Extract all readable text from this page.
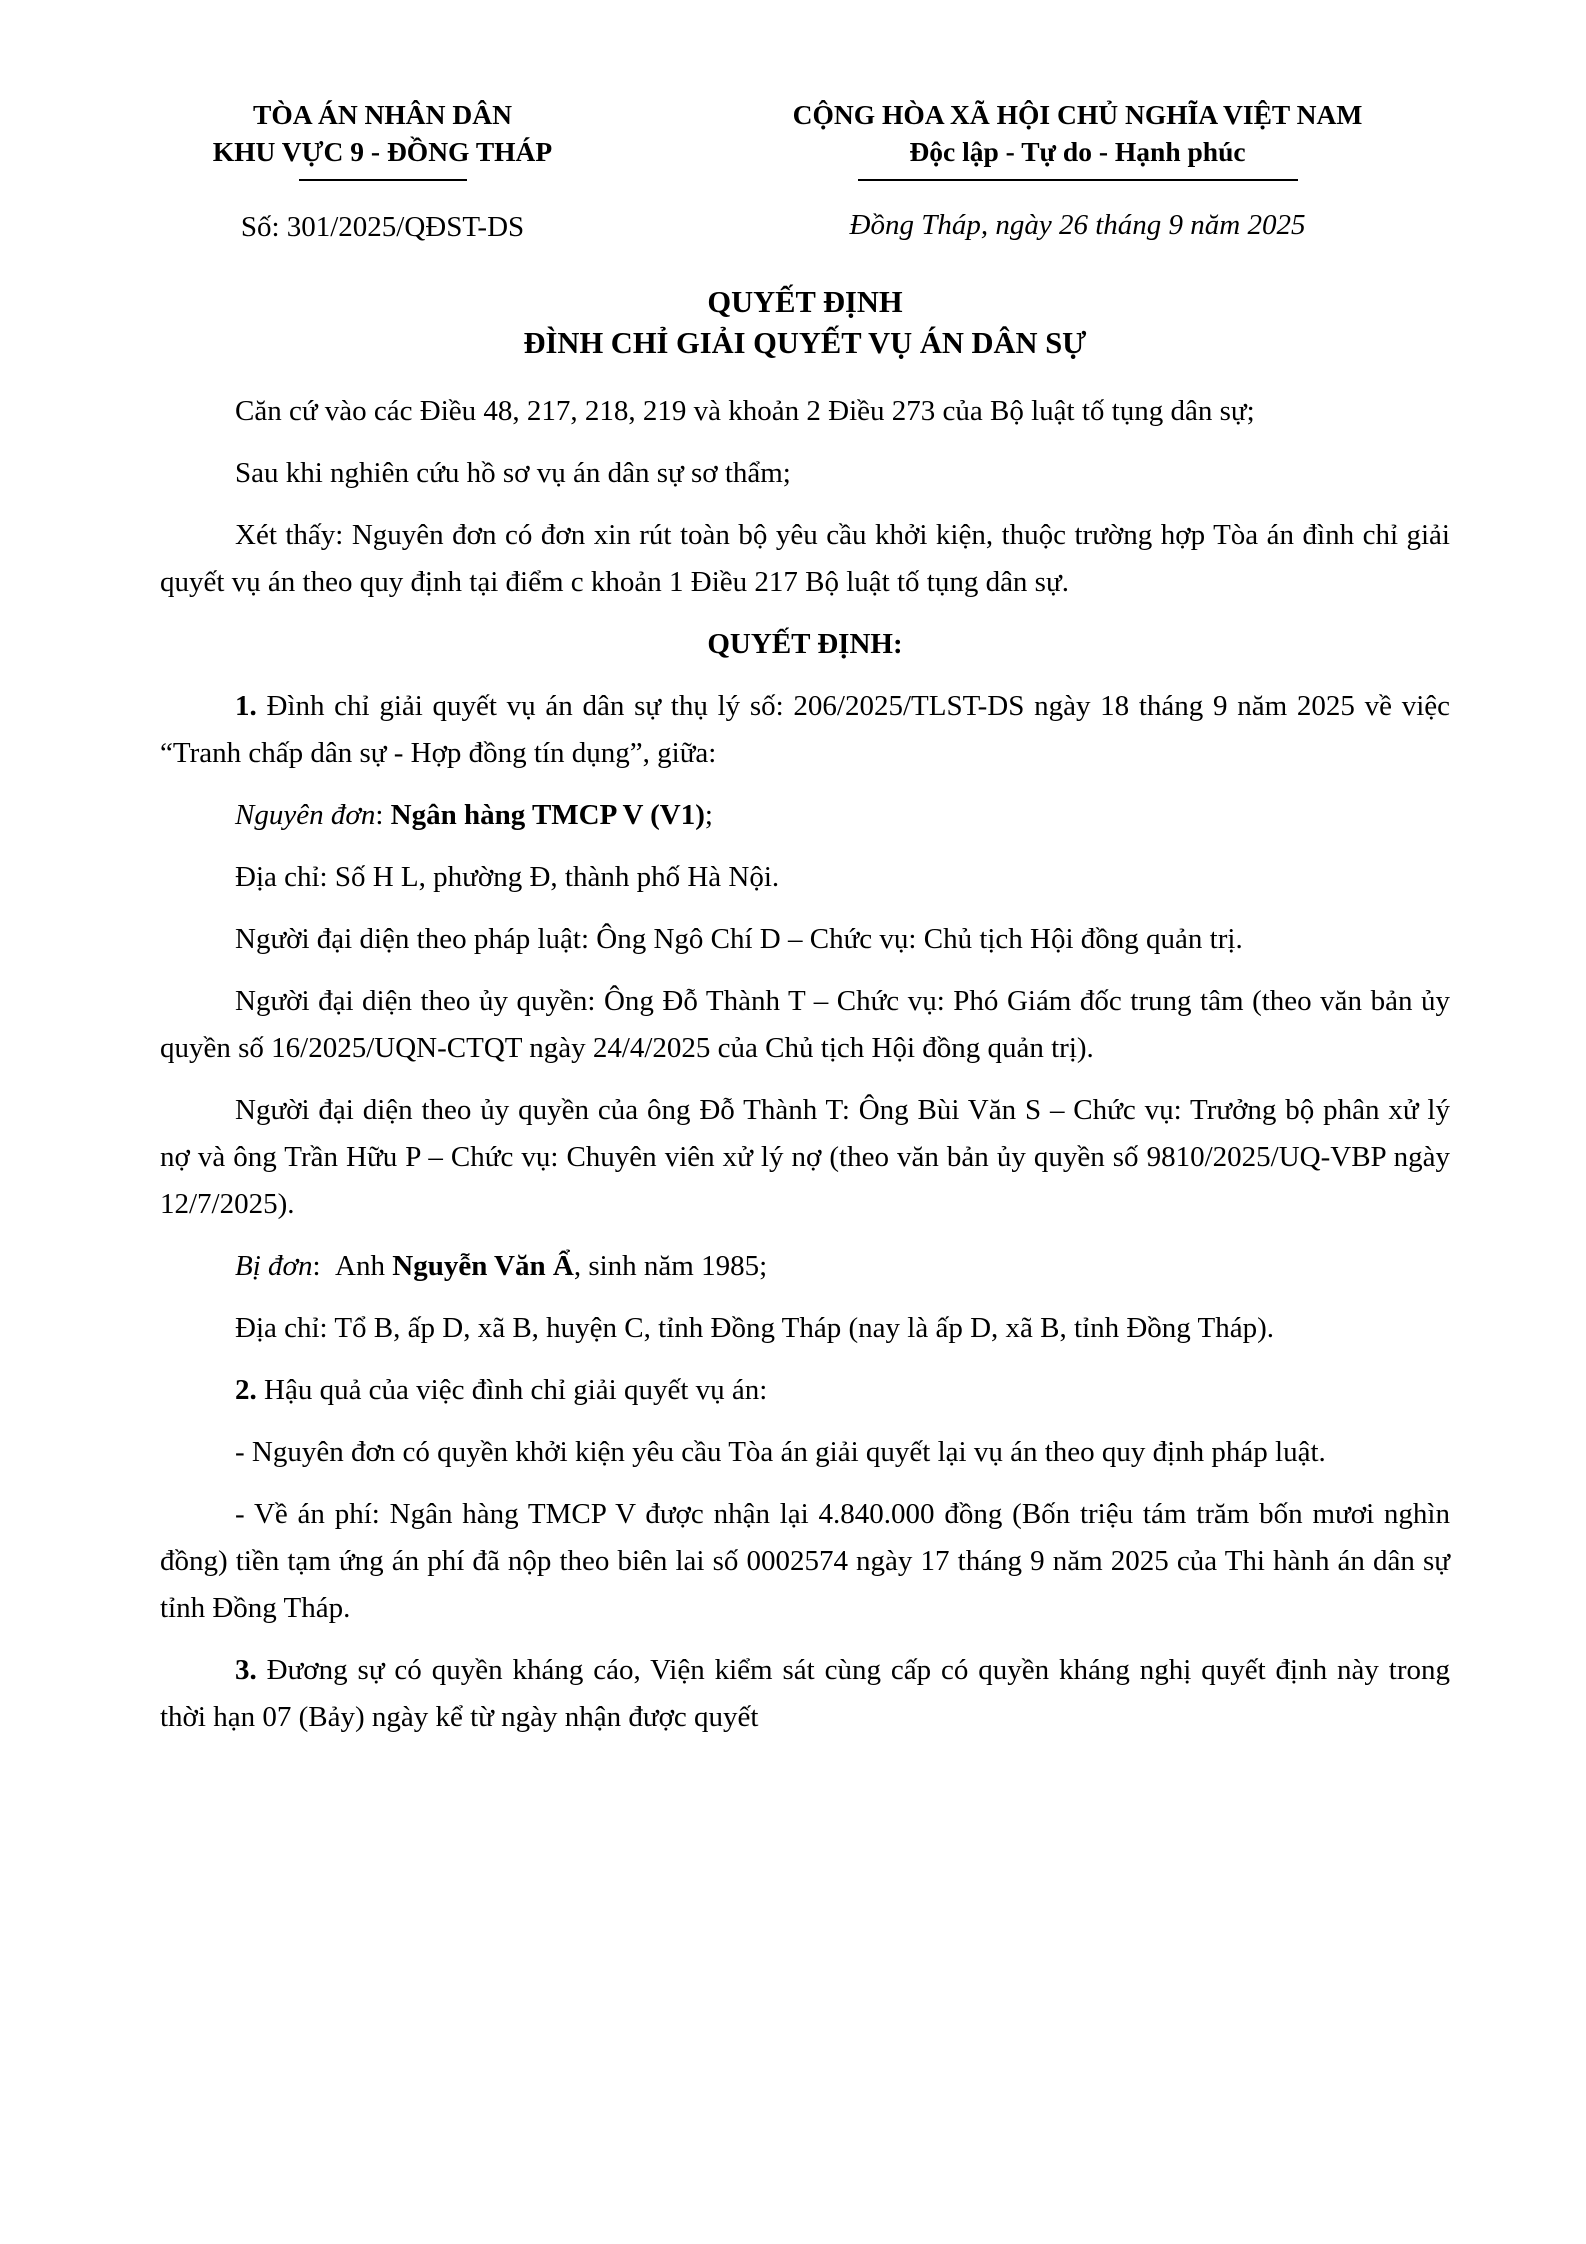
TÒA ÁN NHÂN DÂN
KHU VỰC 9 - ĐỒNG THÁP
Số: 301/2025/QĐST-DS
CỘNG HÒA XÃ HỘI CHỦ NGHĨA VIỆT NAM
Độc lập - Tự do - Hạnh phúc
Đồng Tháp, ngày 26 tháng 9 năm 2025
QUYẾT ĐỊNH
ĐÌNH CHỈ GIẢI QUYẾT VỤ ÁN DÂN SỰ

Căn cứ vào các Điều 48, 217, 218, 219 và khoản 2 Điều 273 của Bộ luật tố tụng dân sự;

Sau khi nghiên cứu hồ sơ vụ án dân sự sơ thẩm;

Xét thấy: Nguyên đơn có đơn xin rút toàn bộ yêu cầu khởi kiện, thuộc trường hợp Tòa án đình chỉ giải quyết vụ án theo quy định tại điểm c khoản 1 Điều 217 Bộ luật tố tụng dân sự.

QUYẾT ĐỊNH:

1. Đình chỉ giải quyết vụ án dân sự thụ lý số: 206/2025/TLST-DS ngày 18 tháng 9 năm 2025 về việc “Tranh chấp dân sự - Hợp đồng tín dụng”, giữa:

Nguyên đơn: Ngân hàng TMCP V (V1);

Địa chỉ: Số H L, phường Đ, thành phố Hà Nội.

Người đại diện theo pháp luật: Ông Ngô Chí D – Chức vụ: Chủ tịch Hội đồng quản trị.

Người đại diện theo ủy quyền: Ông Đỗ Thành T – Chức vụ: Phó Giám đốc trung tâm (theo văn bản ủy quyền số 16/2025/UQN-CTQT ngày 24/4/2025 của Chủ tịch Hội đồng quản trị).

Người đại diện theo ủy quyền của ông Đỗ Thành T: Ông Bùi Văn S – Chức vụ: Trưởng bộ phân xử lý nợ và ông Trần Hữu P – Chức vụ: Chuyên viên xử lý nợ (theo văn bản ủy quyền số 9810/2025/UQ-VBP ngày 12/7/2025).

Bị đơn:  Anh Nguyễn Văn Ẩ, sinh năm 1985;

Địa chỉ: Tổ B, ấp D, xã B, huyện C, tỉnh Đồng Tháp (nay là ấp D, xã B, tỉnh Đồng Tháp).

2. Hậu quả của việc đình chỉ giải quyết vụ án:

- Nguyên đơn có quyền khởi kiện yêu cầu Tòa án giải quyết lại vụ án theo quy định pháp luật.

- Về án phí: Ngân hàng TMCP V được nhận lại 4.840.000 đồng (Bốn triệu tám trăm bốn mươi nghìn đồng) tiền tạm ứng án phí đã nộp theo biên lai số 0002574 ngày 17 tháng 9 năm 2025 của Thi hành án dân sự tỉnh Đồng Tháp.

3. Đương sự có quyền kháng cáo, Viện kiểm sát cùng cấp có quyền kháng nghị quyết định này trong thời hạn 07 (Bảy) ngày kể từ ngày nhận được quyết
